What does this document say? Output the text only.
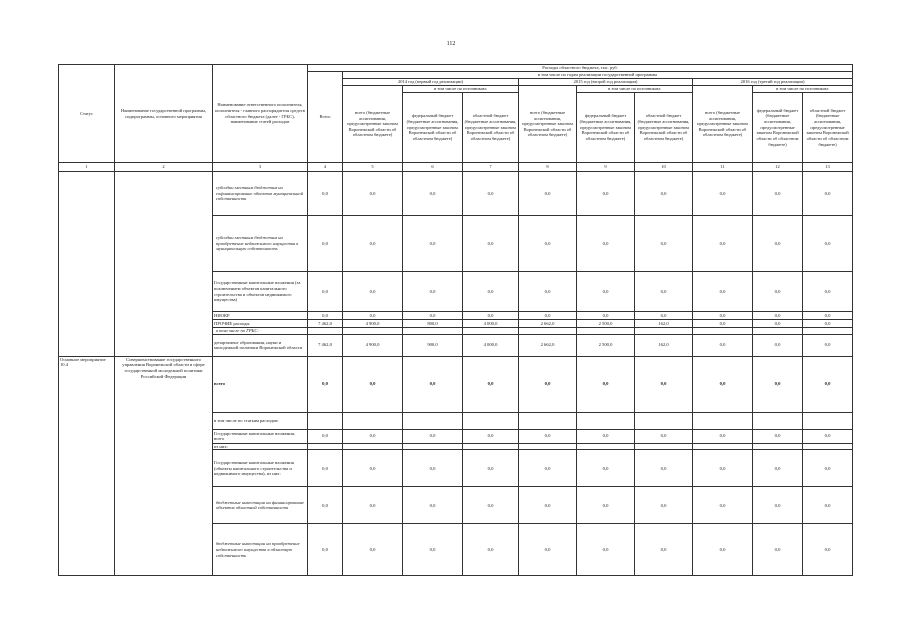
112
Статус	Наименование государственной программы, подпрограммы, основного мероприятия	Наименование ответственного исполнителя, исполнителя - главного распорядителя средств областного бюджета (далее - ГРБС), наименование статей расходов	Расходы областного бюджета, тыс. руб.									
			Всего	в том числе по годам реализации государственной программы								
				2014 год (первый год реализации)			2015 год (второй год реализации)			2016 год (третий год реализации)		
				всего (бюджетные ассигнования, предусмотренные законом Воронежской области об областном бюджете)	в том числе по источникам:		всего (бюджетные ассигнования, предусмотренные законом Воронежской области об областном бюджете)	в том числе по источникам:		всего (бюджетные ассигнования, предусмотренные законом Воронежской области об областном бюджете)	в том числе по источникам:	
					федеральный бюджет (бюджетные ассигнования, предусмотренные законом Воронежской области об областном бюджете)	областной бюджет (бюджетные ассигнования, предусмотренные законом Воронежской области об областном бюджете)		федеральный бюджет (бюджетные ассигнования, предусмотренные законом Воронежской области об областном бюджете)	областной бюджет (бюджетные ассигнования, предусмотренные законом Воронежской области об областном бюджете)		федеральный бюджет (бюджетные ассигнования, предусмотренные законом Воронежской области об областном бюджете)	областной бюджет (бюджетные ассигнования, предусмотренные законом Воронежской области об областном бюджете)
1	2	3	4	5	6	7	8	9	10	11	12	13
		субсидии местным бюджетам на софинансирование объектов муниципальной собственности	0,0	0,0	0,0	0,0	0,0	0,0	0,0	0,0	0,0	0,0
		субсидии местным бюджетам на приобретение недвижимого имущества в муниципальную собственность	0,0	0,0	0,0	0,0	0,0	0,0	0,0	0,0	0,0	0,0
		Государственные капитальные вложения (за исключением объектов капитального строительства и объектов недвижимого имущества)	0,0	0,0	0,0	0,0	0,0	0,0	0,0	0,0	0,0	0,0
		НИОКР	0,0	0,0	0,0	0,0	0,0	0,0	0,0	0,0	0,0	0,0
		ПРОЧИЕ расходы	7 462,0	4 900,0	800,0	4 000,0	2 662,0	2 500,0	162,0	0,0	0,0	0,0
		в том числе по ГРБС:										
		департамент образования, науки и молодежной политики Воронежской области	7 462,0	4 900,0	900,0	4 000,0	2 662,0	2 500,0	162,0	0,0	0,0	0,0
Основное мероприятие 10.4	Совершенствование государственного управления Воронежской области в сфере государственной молодежной политики Российской Федерации	всего	0,0	0,0	0,0	0,0	0,0	0,0	0,0	0,0	0,0	0,0
		в том числе по статьям расходов:										
		Государственные капитальные вложения, всего	0,0	0,0	0,0	0,0	0,0	0,0	0,0	0,0	0,0	0,0
		из них:										
		Государственные капитальные вложения (объекты капитального строительства и недвижимого имущества), из них:	0,0	0,0	0,0	0,0	0,0	0,0	0,0	0,0	0,0	0,0
		бюджетные инвестиции на финансирование объектов областной собственности	0,0	0,0	0,0	0,0	0,0	0,0	0,0	0,0	0,0	0,0
		бюджетные инвестиции на приобретение недвижимого имущества в областную собственность	0,0	0,0	0,0	0,0	0,0	0,0	0,0	0,0	0,0	0,0
